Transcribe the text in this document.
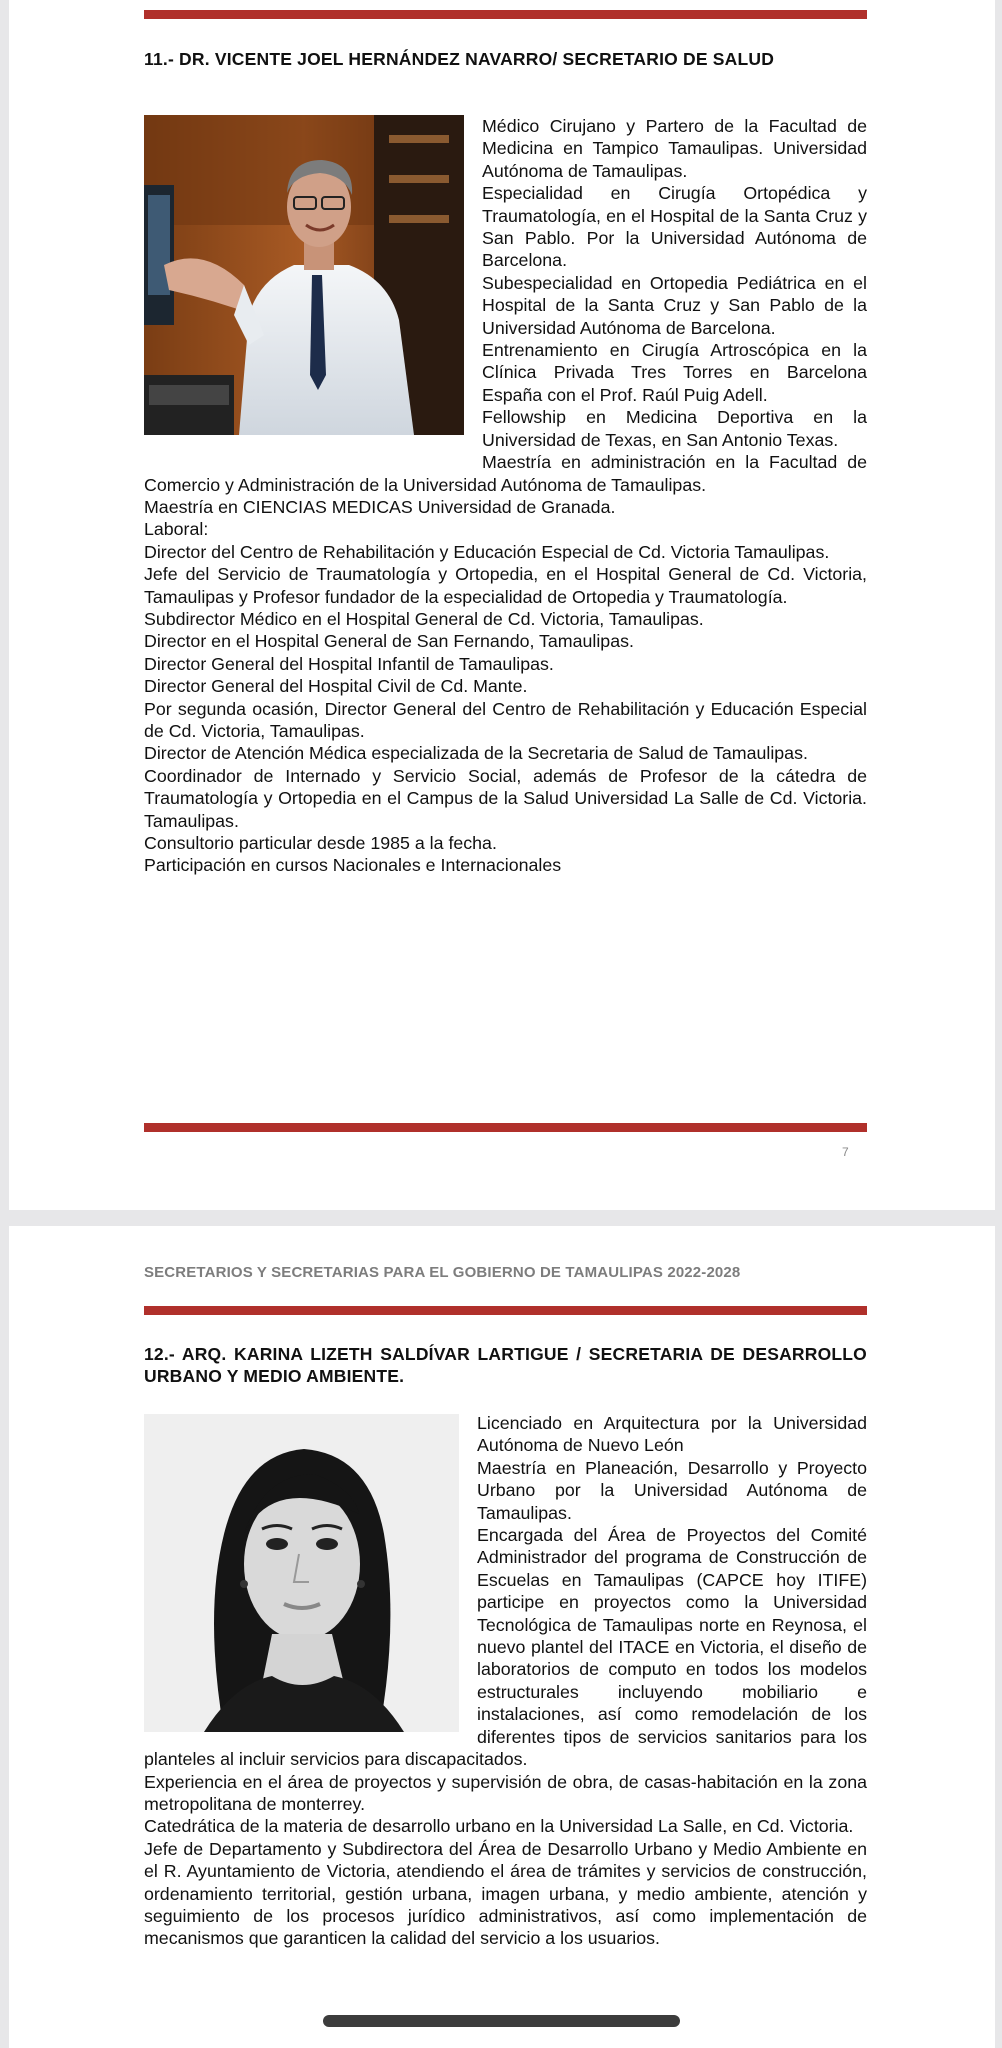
11.- DR. VICENTE JOEL HERNÁNDEZ NAVARRO/ SECRETARIO DE SALUD

Médico Cirujano y Partero de la Facultad de Medicina en Tampico Tamaulipas. Universidad Autónoma de Tamaulipas.

Especialidad en Cirugía Ortopédica y Traumatología, en el Hospital de la Santa Cruz y San Pablo. Por la Universidad Autónoma de Barcelona.

Subespecialidad en Ortopedia Pediátrica en el Hospital de la Santa Cruz y San Pablo de la Universidad Autónoma de Barcelona.

Entrenamiento en Cirugía Artroscópica en la Clínica Privada Tres Torres en Barcelona España con el Prof. Raúl Puig Adell.

Fellowship en Medicina Deportiva en la Universidad de Texas, en San Antonio Texas.

Maestría en administración en la Facultad de Comercio y Administración de la Universidad Autónoma de Tamaulipas.

Maestría en CIENCIAS MEDICAS Universidad de Granada.

Laboral:

Director del Centro de Rehabilitación y Educación Especial de Cd. Victoria Tamaulipas.

Jefe del Servicio de Traumatología y Ortopedia, en el Hospital General de Cd. Victoria, Tamaulipas y Profesor fundador de la especialidad de Ortopedia y Traumatología.

Subdirector Médico en el Hospital General de Cd. Victoria, Tamaulipas.

Director en el Hospital General de San Fernando, Tamaulipas.

Director General del Hospital Infantil de Tamaulipas.

Director General del Hospital Civil de Cd. Mante.

Por segunda ocasión, Director General del Centro de Rehabilitación y Educación Especial de Cd. Victoria, Tamaulipas.

Director de Atención Médica especializada de la Secretaria de Salud de Tamaulipas.

Coordinador de Internado y Servicio Social, además de Profesor de la cátedra de Traumatología y Ortopedia en el Campus de la Salud Universidad La Salle de Cd. Victoria. Tamaulipas.

Consultorio particular desde 1985 a la fecha.

Participación en cursos Nacionales e Internacionales

7
SECRETARIOS Y SECRETARIAS PARA EL GOBIERNO DE TAMAULIPAS 2022-2028
12.- ARQ. KARINA LIZETH SALDÍVAR LARTIGUE / SECRETARIA DE DESARROLLO URBANO Y MEDIO AMBIENTE.

Licenciado en Arquitectura por la Universidad Autónoma de Nuevo León

Maestría en Planeación, Desarrollo y Proyecto Urbano por la Universidad Autónoma de Tamaulipas.

Encargada del Área de Proyectos del Comité Administrador del programa de Construcción de Escuelas en Tamaulipas (CAPCE hoy ITIFE) participe en proyectos como la Universidad Tecnológica de Tamaulipas norte en Reynosa, el nuevo plantel del ITACE en Victoria, el diseño de laboratorios de computo en todos los modelos estructurales incluyendo mobiliario e instalaciones, así como remodelación de los diferentes tipos de servicios sanitarios para los planteles al incluir servicios para discapacitados.

Experiencia en el área de proyectos y supervisión de obra, de casas-habitación en la zona metropolitana de monterrey.

Catedrática de la materia de desarrollo urbano en la Universidad La Salle, en Cd. Victoria.

Jefe de Departamento y Subdirectora del Área de Desarrollo Urbano y Medio Ambiente en el R. Ayuntamiento de Victoria, atendiendo el área de trámites y servicios de construcción, ordenamiento territorial, gestión urbana, imagen urbana, y medio ambiente, atención y seguimiento de los procesos jurídico administrativos, así como implementación de mecanismos que garanticen la calidad del servicio a los usuarios.
